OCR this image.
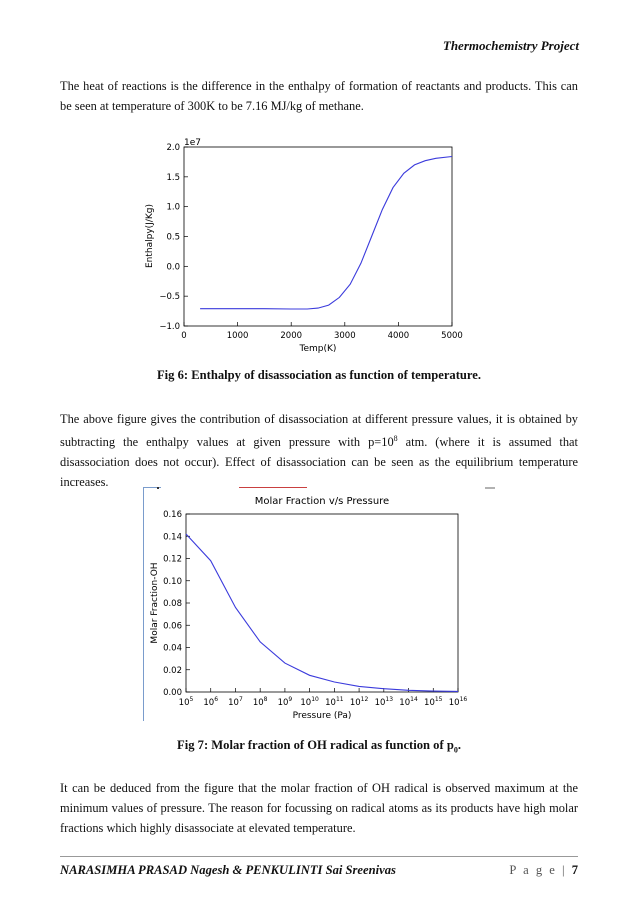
Thermochemistry Project
The heat of reactions is the difference in the enthalpy of formation of reactants and products. This can be seen at temperature of 300K to be 7.16 MJ/kg of methane.
1e7
−1.0
−0.5
0.0
0.5
1.0
1.5
2.0
0	1000	2000	3000	4000	5000
Temp(K)
Enthalpy(J/Kg)
Fig 6: Enthalpy of disassociation as function of temperature.
The above figure gives the contribution of disassociation at different pressure values, it is obtained by subtracting the enthalpy values at given pressure with $p=10^8$ atm. (where it is assumed that disassociation does not occur). Effect of disassociation can be seen as the equilibrium temperature increases.
Molar Fraction v/s Pressure
0.00
0.02
0.04
0.06
0.08
0.10
0.12
0.14
0.16
$10^5$ $10^6$ $10^7$ $10^8$ $10^9$ $10^{10}$ $10^{11}$ $10^{12}$ $10^{13}$ $10^{14}$ $10^{15}$ $10^{16}$
Pressure (Pa)
Molar Fraction-OH
Fig 7: Molar fraction of OH radical as function of $p_0$.
It can be deduced from the figure that the molar fraction of OH radical is observed maximum at the minimum values of pressure. The reason for focussing on radical atoms as its products have high molar fractions which highly disassociate at elevated temperature.
NARASIMHA PRASAD Nagesh & PENKULINTI Sai Sreenivas	P a g e | 7
